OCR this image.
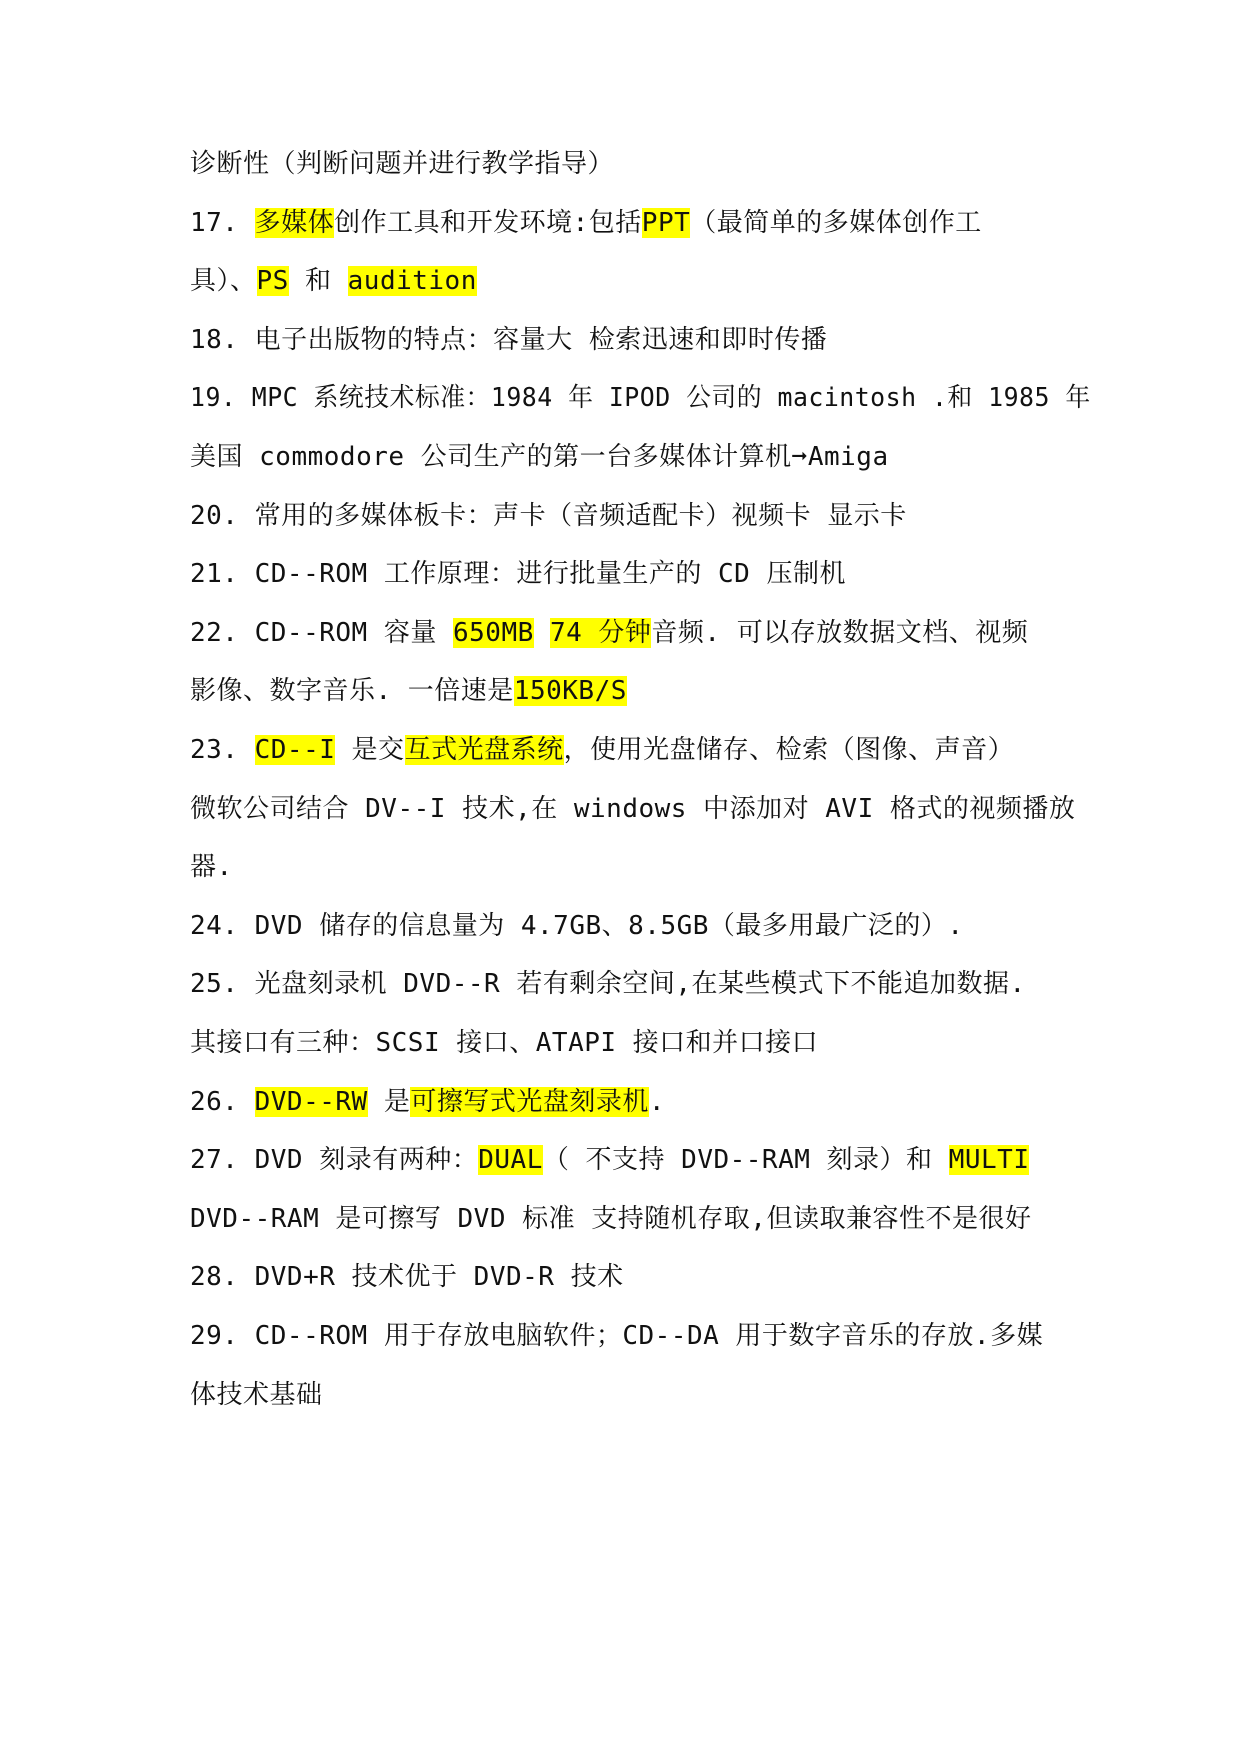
诊断性（判断问题并进行教学指导）
17. 多媒体创作工具和开发环境:包括PPT（最简单的多媒体创作工
具）、PS 和 audition
18. 电子出版物的特点：容量大 检索迅速和即时传播
19. MPC 系统技术标准：1984 年 IPOD 公司的 macintosh .和 1985 年
美国 commodore 公司生产的第一台多媒体计算机➞Amiga
20. 常用的多媒体板卡：声卡（音频适配卡）视频卡 显示卡
21. CD--ROM 工作原理：进行批量生产的 CD 压制机
22. CD--ROM 容量 650MB 74 分钟音频. 可以存放数据文档、视频
影像、数字音乐. 一倍速是150KB/S
23. CD--I 是交互式光盘系统，使用光盘储存、检索（图像、声音）
微软公司结合 DV--I 技术,在 windows 中添加对 AVI 格式的视频播放
器.
24. DVD 储存的信息量为 4.7GB、8.5GB（最多用最广泛的）.
25. 光盘刻录机 DVD--R 若有剩余空间,在某些模式下不能追加数据.
其接口有三种：SCSI 接口、ATAPI 接口和并口接口
26. DVD--RW 是可擦写式光盘刻录机.
27. DVD 刻录有两种：DUAL（ 不支持 DVD--RAM 刻录）和 MULTI
DVD--RAM 是可擦写 DVD 标准 支持随机存取,但读取兼容性不是很好
28. DVD+R 技术优于 DVD-R 技术
29. CD--ROM 用于存放电脑软件；CD--DA 用于数字音乐的存放.多媒
体技术基础
